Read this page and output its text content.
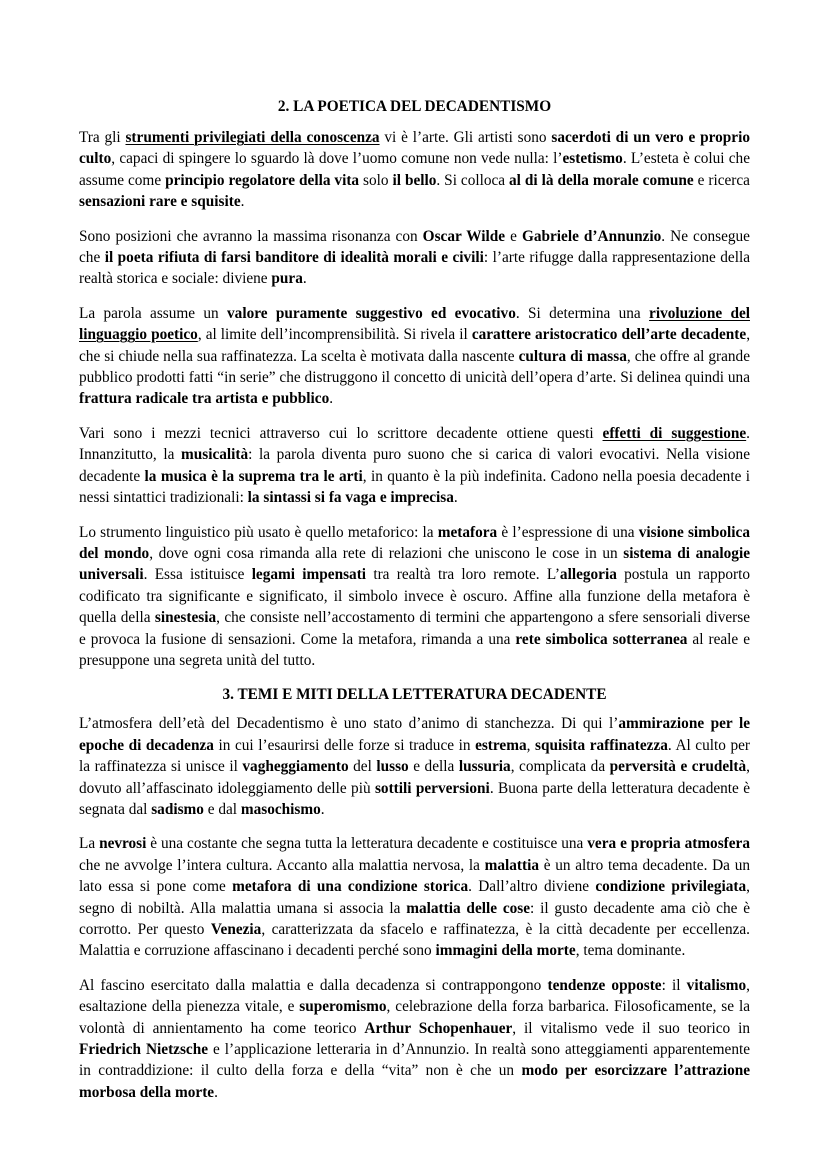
2. LA POETICA DEL DECADENTISMO

Tra gli strumenti privilegiati della conoscenza vi è l’arte. Gli artisti sono sacerdoti di un vero e proprio culto, capaci di spingere lo sguardo là dove l’uomo comune non vede nulla: l’estetismo. L’esteta è colui che assume come principio regolatore della vita solo il bello. Si colloca al di là della morale comune e ricerca sensazioni rare e squisite.

Sono posizioni che avranno la massima risonanza con Oscar Wilde e Gabriele d’Annunzio. Ne consegue che il poeta rifiuta di farsi banditore di idealità morali e civili: l’arte rifugge dalla rappresentazione della realtà storica e sociale: diviene pura.

La parola assume un valore puramente suggestivo ed evocativo. Si determina una rivoluzione del linguaggio poetico, al limite dell’incomprensibilità. Si rivela il carattere aristocratico dell’arte decadente, che si chiude nella sua raffinatezza. La scelta è motivata dalla nascente cultura di massa, che offre al grande pubblico prodotti fatti “in serie” che distruggono il concetto di unicità dell’opera d’arte. Si delinea quindi una frattura radicale tra artista e pubblico.

Vari sono i mezzi tecnici attraverso cui lo scrittore decadente ottiene questi effetti di suggestione. Innanzitutto, la musicalità: la parola diventa puro suono che si carica di valori evocativi. Nella visione decadente la musica è la suprema tra le arti, in quanto è la più indefinita. Cadono nella poesia decadente i nessi sintattici tradizionali: la sintassi si fa vaga e imprecisa.

Lo strumento linguistico più usato è quello metaforico: la metafora è l’espressione di una visione simbolica del mondo, dove ogni cosa rimanda alla rete di relazioni che uniscono le cose in un sistema di analogie universali. Essa istituisce legami impensati tra realtà tra loro remote. L’allegoria postula un rapporto codificato tra significante e significato, il simbolo invece è oscuro. Affine alla funzione della metafora è quella della sinestesia, che consiste nell’accostamento di termini che appartengono a sfere sensoriali diverse e provoca la fusione di sensazioni. Come la metafora, rimanda a una rete simbolica sotterranea al reale e presuppone una segreta unità del tutto.

3. TEMI E MITI DELLA LETTERATURA DECADENTE

L’atmosfera dell’età del Decadentismo è uno stato d’animo di stanchezza. Di qui l’ammirazione per le epoche di decadenza in cui l’esaurirsi delle forze si traduce in estrema, squisita raffinatezza. Al culto per la raffinatezza si unisce il vagheggiamento del lusso e della lussuria, complicata da perversità e crudeltà, dovuto all’affascinato idoleggiamento delle più sottili perversioni. Buona parte della letteratura decadente è segnata dal sadismo e dal masochismo.

La nevrosi è una costante che segna tutta la letteratura decadente e costituisce una vera e propria atmosfera che ne avvolge l’intera cultura. Accanto alla malattia nervosa, la malattia è un altro tema decadente. Da un lato essa si pone come metafora di una condizione storica. Dall’altro diviene condizione privilegiata, segno di nobiltà. Alla malattia umana si associa la malattia delle cose: il gusto decadente ama ciò che è corrotto. Per questo Venezia, caratterizzata da sfacelo e raffinatezza, è la città decadente per eccellenza. Malattia e corruzione affascinano i decadenti perché sono immagini della morte, tema dominante.

Al fascino esercitato dalla malattia e dalla decadenza si contrappongono tendenze opposte: il vitalismo, esaltazione della pienezza vitale, e superomismo, celebrazione della forza barbarica. Filosoficamente, se la volontà di annientamento ha come teorico Arthur Schopenhauer, il vitalismo vede il suo teorico in Friedrich Nietzsche e l’applicazione letteraria in d’Annunzio. In realtà sono atteggiamenti apparentemente in contraddizione: il culto della forza e della “vita” non è che un modo per esorcizzare l’attrazione morbosa della morte.
